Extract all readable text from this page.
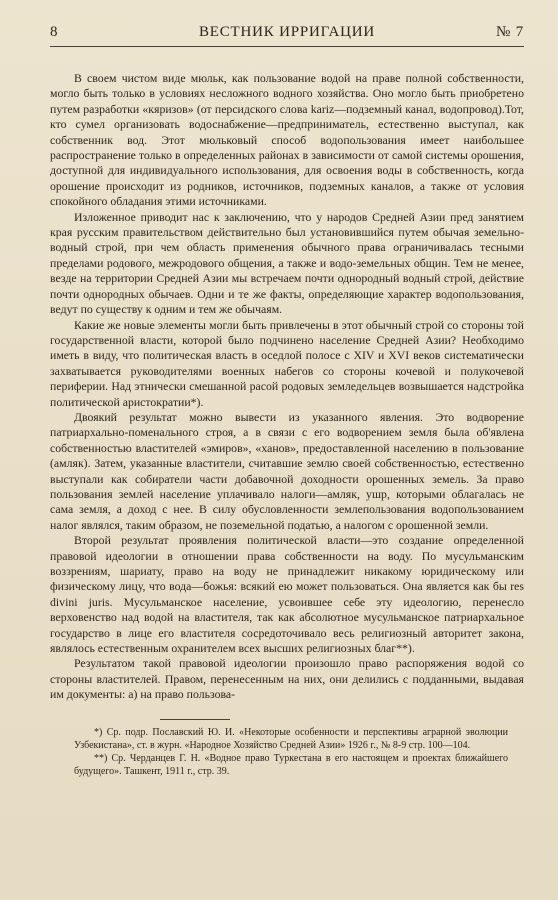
8	ВЕСТНИК ИРРИГАЦИИ	№ 7

В своем чистом виде мюльк, как пользование водой на праве полной собственности, могло быть только в условиях несложного водного хозяйства. Оно могло быть приобретено путем разработки «кяризов» (от персидского слова kariz—подземный канал, водопровод).Тот, кто сумел организовать водоснабжение—предприниматель, естественно выступал, как собственник вод. Этот мюльковый способ водопользования имеет наибольшее распространение только в определенных районах в зависимости от самой системы орошения, доступной для индивидуального использования, для освоения воды в собственность, когда орошение происходит из родников, источников, подземных каналов, а также от условия спокойного обладания этими источниками.

Изложенное приводит нас к заключению, что у народов Средней Азии пред занятием края русским правительством действительно был установившийся путем обычая земельно-водный строй, при чем область применения обычного права ограничивалась тесными пределами родового, межродового общения, а также и водо-земельных общин. Тем не менее, везде на территории Средней Азии мы встречаем почти однородный водный строй, действие почти однородных обычаев. Одни и те же факты, определяющие характер водопользования, ведут по существу к одним и тем же обычаям.

Какие же новые элементы могли быть привлечены в этот обычный строй со стороны той государственной власти, которой было подчинено население Средней Азии? Необходимо иметь в виду, что политическая власть в оседлой полосе с XIV и XVI веков систематически захватывается руководителями военных набегов со стороны кочевой и полукочевой периферии. Над этнически смешанной расой родовых земледельцев возвышается надстройка политической аристократии*).

Двоякий результат можно вывести из указанного явления. Это водворение патриархально-поменального строя, а в связи с его водворением земля была об'явлена собственностью властителей «эмиров», «ханов», предоставленной населению в пользование (амляк). Затем, указанные властители, считавшие землю своей собственностью, естественно выступали как собиратели части добавочной доходности орошенных земель. За право пользования землей население уплачивало налоги—амляк, ушр, которыми облагалась не сама земля, а доход с нее. В силу обусловленности землепользования водопользованием налог являлся, таким образом, не поземельной податью, а налогом с орошенной земли.

Второй результат проявления политической власти—это создание определенной правовой идеологии в отношении права собственности на воду. По мусульманским воззрениям, шариату, право на воду не принадлежит никакому юридическому или физическому лицу, что вода—божья: всякий ею может пользоваться. Она является как бы res divini juris. Мусульманское население, усвоившее себе эту идеологию, перенесло верховенство над водой на властителя, так как абсолютное мусульманское патриархальное государство в лице его властителя сосредоточивало весь религиозный авторитет закона, являлось естественным охранителем всех высших религиозных благ**).

Результатом такой правовой идеологии произошло право распоряжения водой со стороны властителей. Правом, перенесенным на них, они делились с подданными, выдавая им документы: а) на право пользова-

*) Ср. подр. Послaвский Ю. И. «Некоторые особенности и перспективы аграрной эволюции Узбекистана», ст. в журн. «Народное Хозяйство Средней Азии» 1926 г., № 8-9 стр. 100—104.

**) Ср. Черданцев Г. Н. «Водное право Туркестана в его настоящем и проектах ближайшего будущего». Ташкент, 1911 г., стр. 39.
